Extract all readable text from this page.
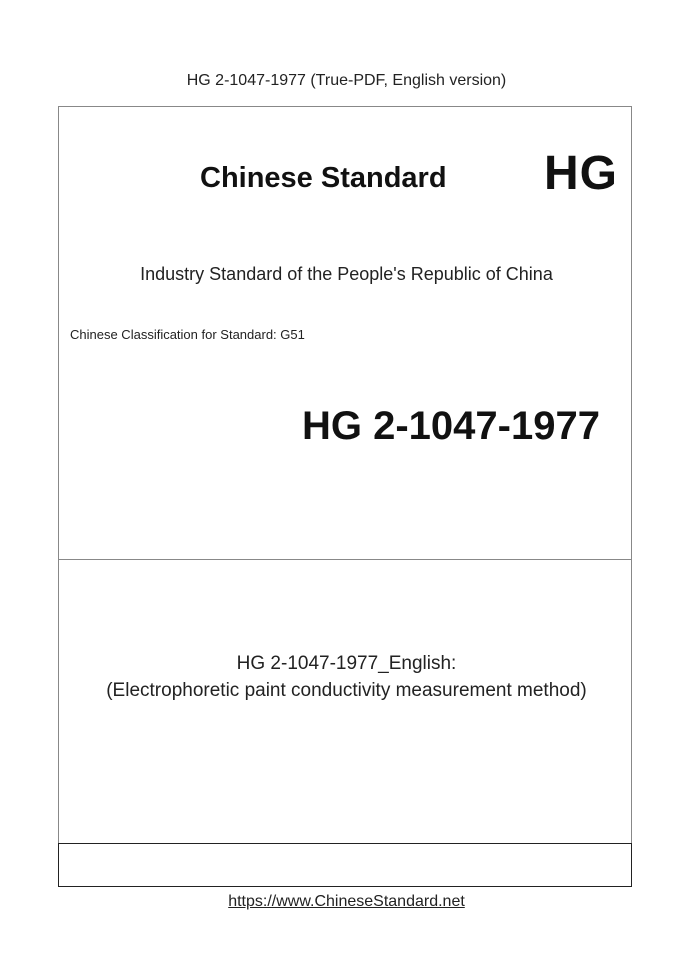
HG 2-1047-1977 (True-PDF, English version)
Chinese Standard HG
Industry Standard of the People's Republic of China
Chinese Classification for Standard: G51
HG 2-1047-1977
HG 2-1047-1977_English:
(Electrophoretic paint conductivity measurement method)
https://www.ChineseStandard.net
